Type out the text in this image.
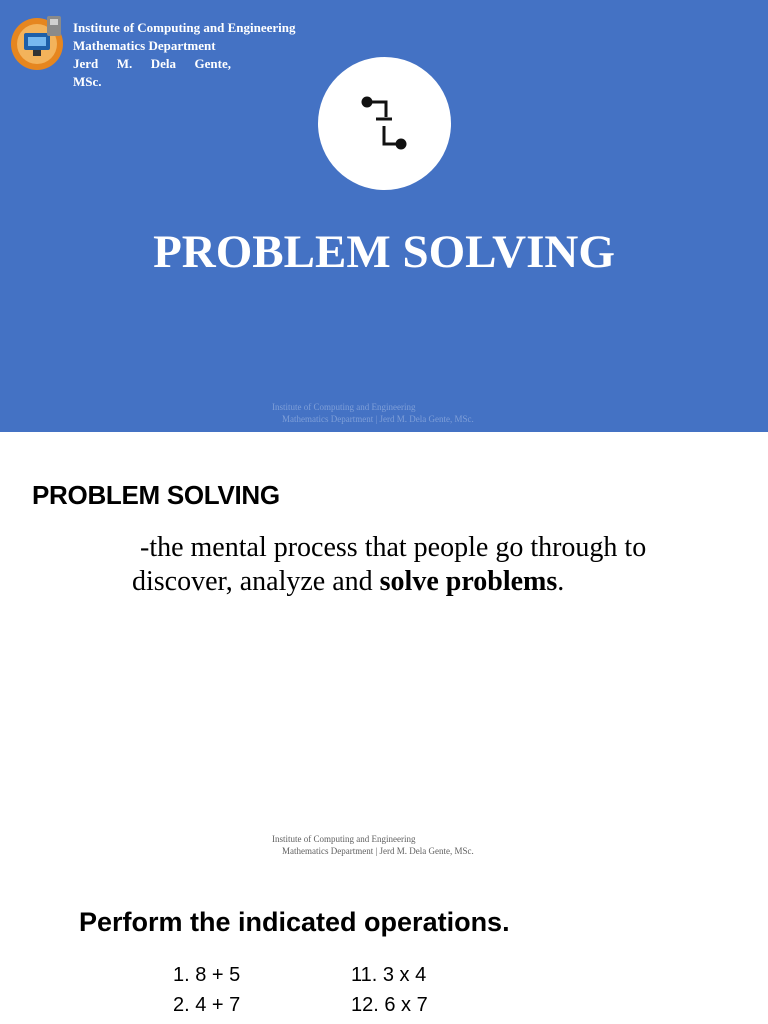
Institute of Computing and Engineering
Mathematics Department
Jerd M. Dela Gente,
MSc.
PROBLEM SOLVING
Institute of Computing and Engineering
Mathematics Department | Jerd M. Dela Gente, MSc.
PROBLEM SOLVING
-the mental process that people go through to
discover, analyze and solve problems.
Institute of Computing and Engineering
Mathematics Department | Jerd M. Dela Gente, MSc.
Perform the indicated operations.
1. 8 + 5	11. 3 x 4
2. 4 + 7	12. 6 x 7
